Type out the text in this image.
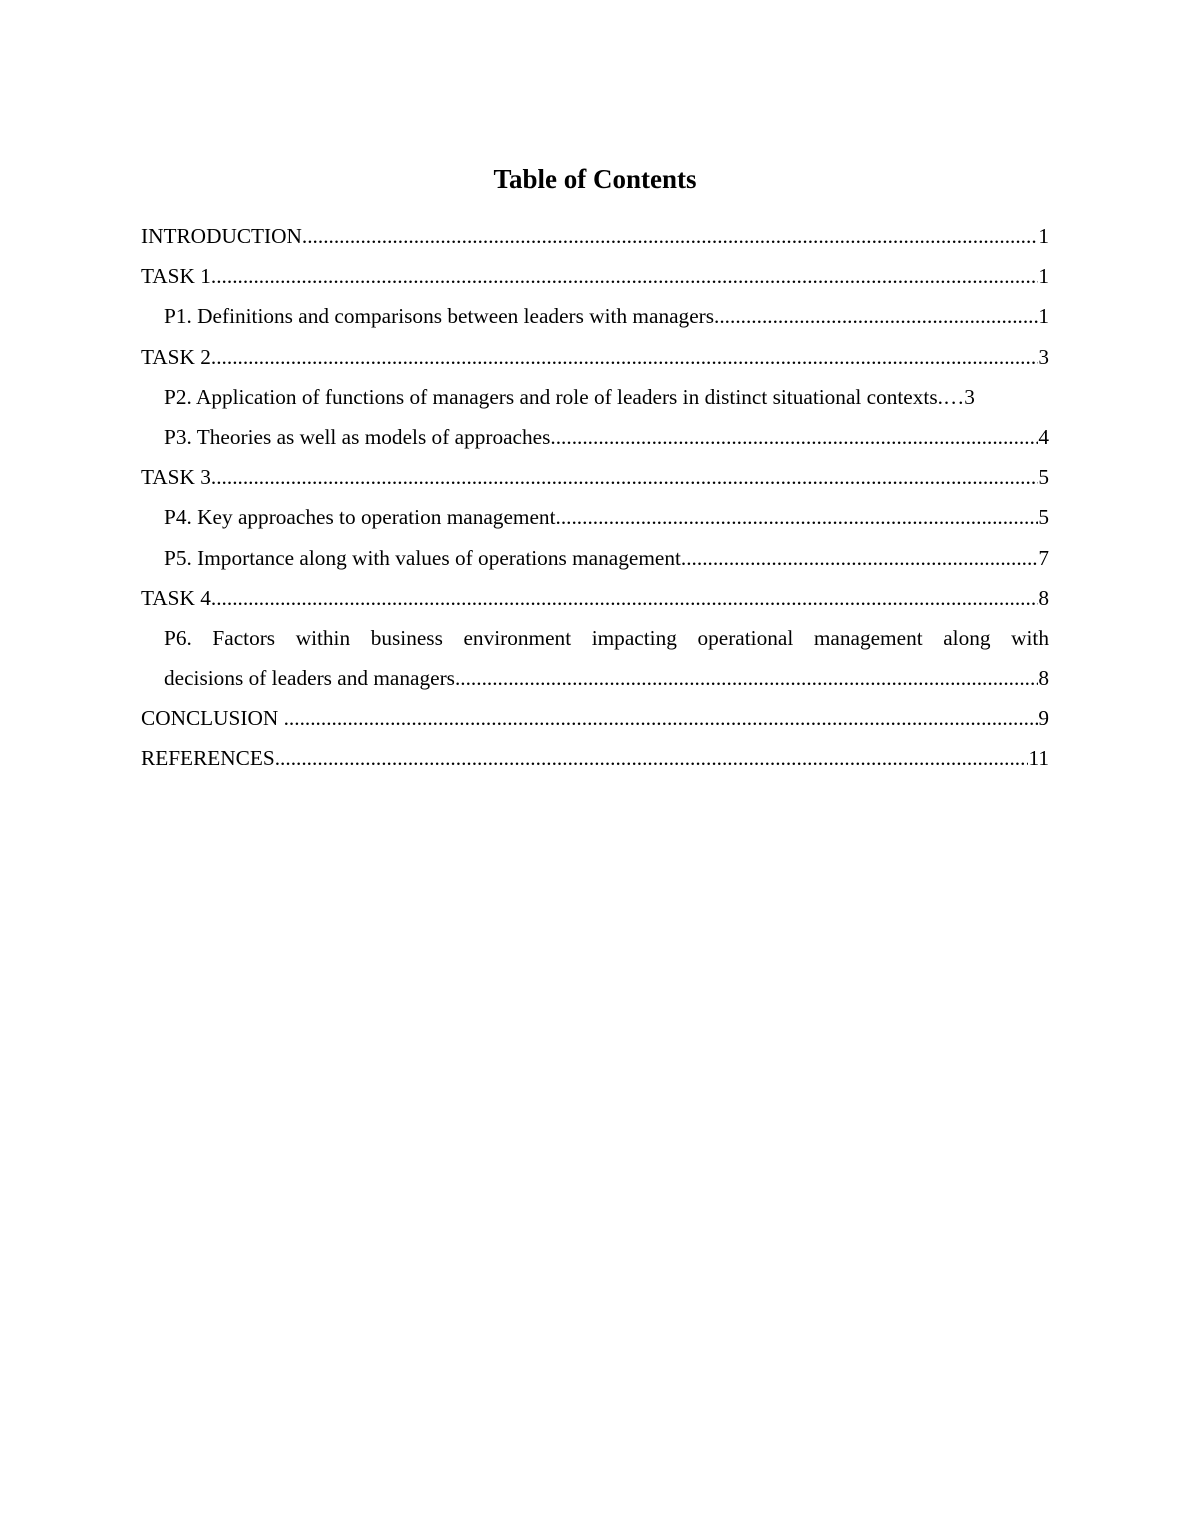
Table of Contents
INTRODUCTION .....	1
TASK 1 .....	1
P1. Definitions and comparisons between leaders with managers .....	1
TASK 2 .....	3
P2. Application of functions of managers and role of leaders in distinct situational contexts. … 3
P3. Theories as well as models of approaches .....	4
TASK 3 .....	5
P4. Key approaches to operation management .....	5
P5. Importance along with values of operations management .....	7
TASK 4 .....	8
P6. Factors within business environment impacting operational management along with
decisions of leaders and managers .....	8
CONCLUSION .....	9
REFERENCES .....	11
